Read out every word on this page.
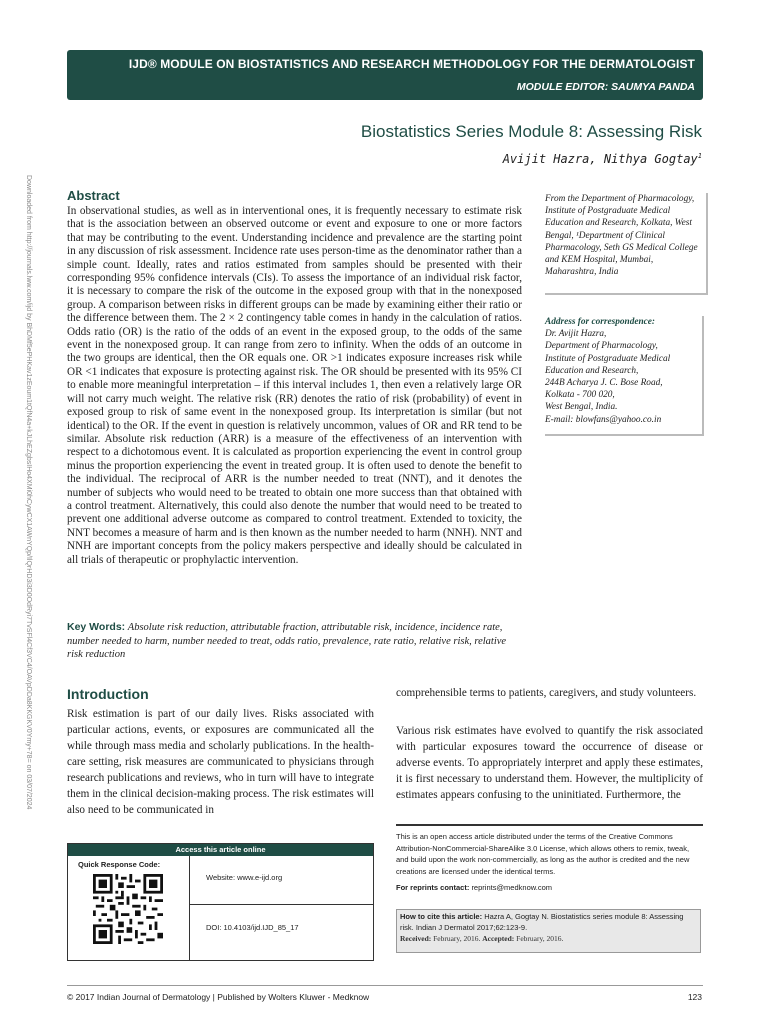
IJD® MODULE ON BIOSTATISTICS AND RESEARCH METHODOLOGY FOR THE DERMATOLOGIST
MODULE EDITOR: SAUMYA PANDA
Biostatistics Series Module 8: Assessing Risk
Avijit Hazra, Nithya Gogtay$^1$
Downloaded from http://journals.lww.com/ijd by BhDMf5ePHKav1zEoum1tQfN4a+kJLhEZgbsIHo4XMi0hCywCX1AWnYQp/IlQrHD3i3D0OdRyi7TvSFl4Cf3VC4/OAVpDDa8KKGKV0Ymy+78= on 03/07/2024	Abstract
In observational studies, as well as in interventional ones, it is frequently necessary to estimate risk that is the association between an observed outcome or event and exposure to one or more factors that may be contributing to the event. Understanding incidence and prevalence are the starting point in any discussion of risk assessment. Incidence rate uses person-time as the denominator rather than a simple count. Ideally, rates and ratios estimated from samples should be presented with their corresponding 95% confidence intervals (CIs). To assess the importance of an individual risk factor, it is necessary to compare the risk of the outcome in the exposed group with that in the nonexposed group. A comparison between risks in different groups can be made by examining either their ratio or the difference between them. The 2 × 2 contingency table comes in handy in the calculation of ratios. Odds ratio (OR) is the ratio of the odds of an event in the exposed group, to the odds of the same event in the nonexposed group. It can range from zero to infinity. When the odds of an outcome in the two groups are identical, then the OR equals one. OR >1 indicates exposure increases risk while OR <1 indicates that exposure is protecting against risk. The OR should be presented with its 95% CI to enable more meaningful interpretation – if this interval includes 1, then even a relatively large OR will not carry much weight. The relative risk (RR) denotes the ratio of risk (probability) of event in exposed group to risk of same event in the nonexposed group. Its interpretation is similar (but not identical) to the OR. If the event in question is relatively uncommon, values of OR and RR tend to be similar. Absolute risk reduction (ARR) is a measure of the effectiveness of an intervention with respect to a dichotomous event. It is calculated as proportion experiencing the event in control group minus the proportion experiencing the event in treated group. It is often used to denote the benefit to the individual. The reciprocal of ARR is the number needed to treat (NNT), and it denotes the number of subjects who would need to be treated to obtain one more success than that obtained with a control treatment. Alternatively, this could also denote the number that would need to be treated to prevent one additional adverse outcome as compared to control treatment. Extended to toxicity, the NNT becomes a measure of harm and is then known as the number needed to harm (NNH). NNT and NNH are important concepts from the policy makers perspective and ideally should be calculated in all trials of therapeutic or prophylactic intervention.
Key Words: Absolute risk reduction, attributable fraction, attributable risk, incidence, incidence rate, number needed to harm, number needed to treat, odds ratio, prevalence, rate ratio, relative risk, relative risk reduction
From the Department of Pharmacology, Institute of Postgraduate Medical Education and Research, Kolkata, West Bengal, ¹Department of Clinical Pharmacology, Seth GS Medical College and KEM Hospital, Mumbai, Maharashtra, India
Address for correspondence:
Dr. Avijit Hazra,
Department of Pharmacology,
Institute of Postgraduate Medical
Education and Research,
244B Acharya J. C. Bose Road,
Kolkata - 700 020,
West Bengal, India.
E-mail: blowfans@yahoo.co.in
Introduction
Risk estimation is part of our daily lives. Risks associated with particular actions, events, or exposures are communicated all the while through mass media and scholarly publications. In the health-care setting, risk measures are communicated to physicians through research publications and reviews, who in turn will have to integrate them in the clinical decision-making process. The risk estimates will also need to be communicated in
comprehensible terms to patients, caregivers, and study volunteers.
Various risk estimates have evolved to quantify the risk associated with particular exposures toward the occurrence of disease or adverse events. To appropriately interpret and apply these estimates, it is first necessary to understand them. However, the multiplicity of estimates appears confusing to the uninitiated. Furthermore, the
Access this article online
Quick Response Code:
Website: www.e-ijd.org
DOI: 10.4103/ijd.IJD_85_17
This is an open access article distributed under the terms of the Creative Commons Attribution-NonCommercial-ShareAlike 3.0 License, which allows others to remix, tweak, and build upon the work non-commercially, as long as the author is credited and the new creations are licensed under the identical terms.
For reprints contact: reprints@medknow.com
How to cite this article: Hazra A, Gogtay N. Biostatistics series module 8: Assessing risk. Indian J Dermatol 2017;62:123-9.
Received: February, 2016. Accepted: February, 2016.
© 2017 Indian Journal of Dermatology | Published by Wolters Kluwer - Medknow	123
